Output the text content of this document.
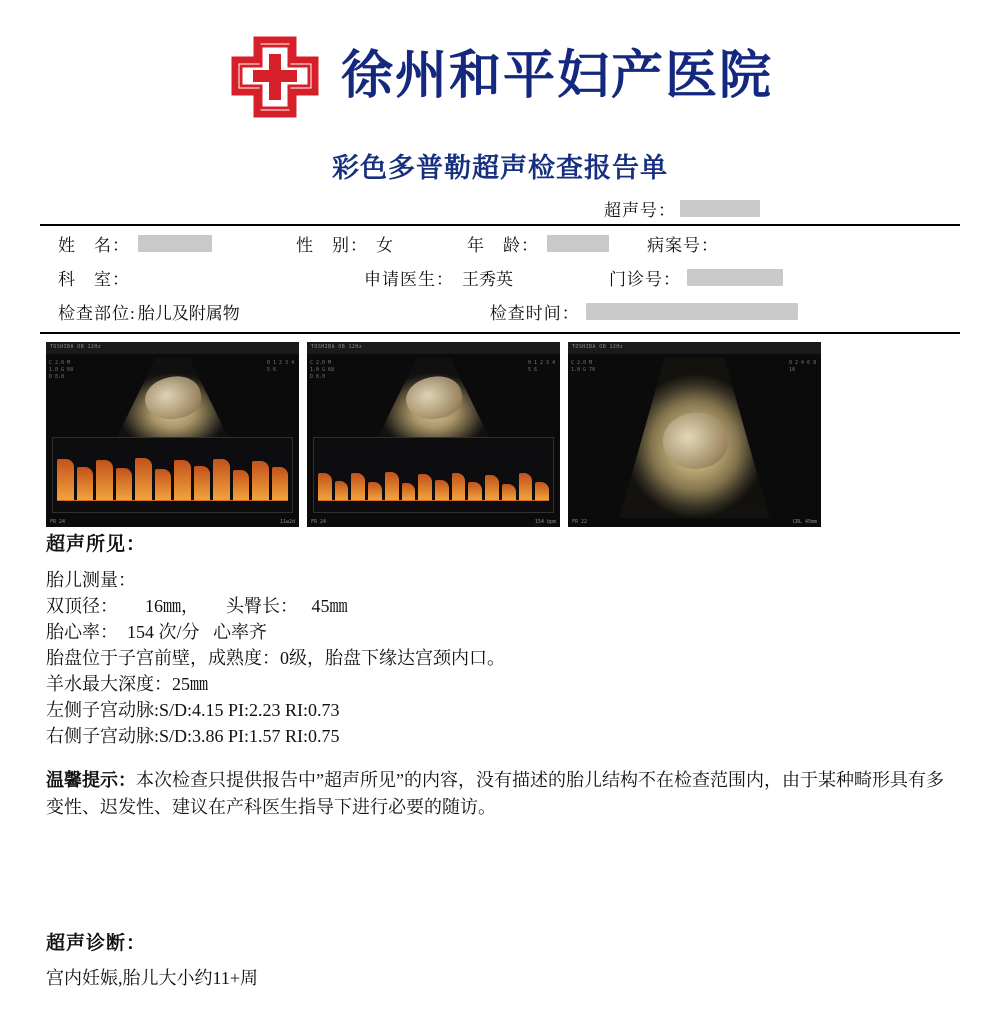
徐州和平妇产医院
彩色多普勒超声检查报告单
超声号：
姓　名：	性　别： 女	年　龄：	病案号：
科　室：	申请医生： 王秀英	门诊号：
检查部位: 胎儿及附属物	检查时间：
TOSHIBA OB 12Hz
C 2.0 M 1.0 G 68 D 8.0
0 1 2 3 4 5 6
FR 24	11w2d
TOSHIBA OB 12Hz
C 2.0 M 1.0 G 68 D 8.0
0 1 2 3 4 5 6
FR 24	154 bpm
TOSHIBA OB 12Hz
C 2.0 M 1.0 G 70
0 2 4 6 8 10
FR 22	CRL 45mm
超声所见：

胎儿测量：

双顶径：      16㎜，      头臀长：   45㎜

胎心率：  154 次/分   心率齐

胎盘位于子宫前壁，成熟度：0级，胎盘下缘达宫颈内口。

羊水最大深度：25㎜

左侧子宫动脉:S/D:4.15 PI:2.23 RI:0.73

右侧子宫动脉:S/D:3.86 PI:1.57 RI:0.75

温馨提示：本次检查只提供报告中”超声所见”的内容，没有描述的胎儿结构不在检查范围内，由于某种畸形具有多变性、迟发性、建议在产科医生指导下进行必要的随访。
超声诊断：
宫内妊娠,胎儿大小约11+周
